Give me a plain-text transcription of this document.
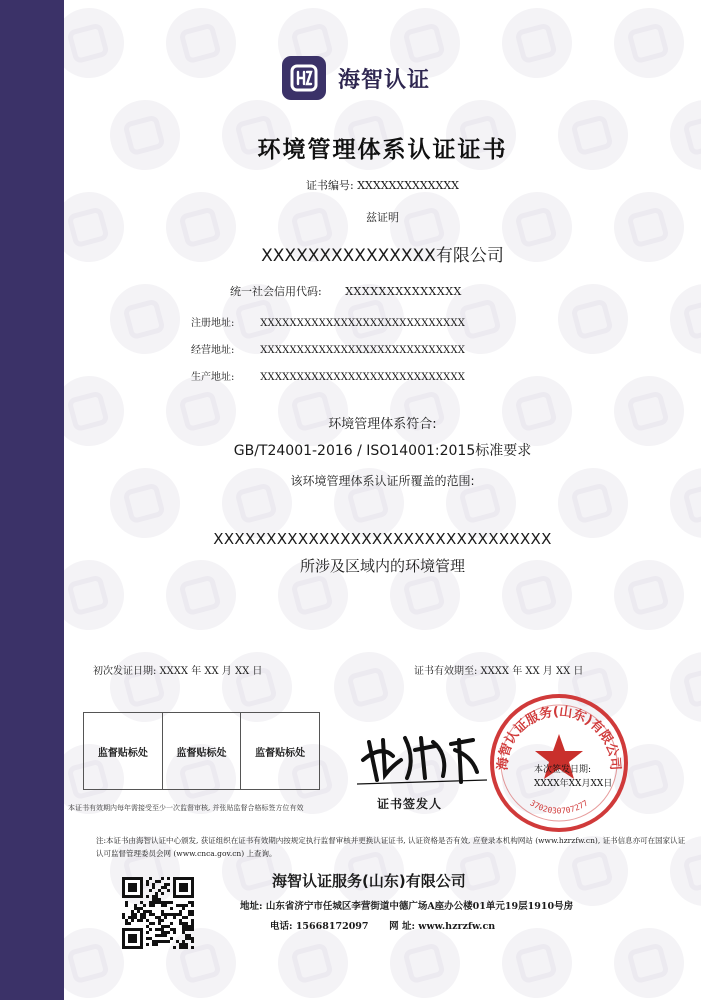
海智认证
环境管理体系认证证书
证书编号: XXXXXXXXXXXXX
兹证明
XXXXXXXXXXXXXXX有限公司
统一社会信用代码: XXXXXXXXXXXXXX
注册地址:	XXXXXXXXXXXXXXXXXXXXXXXXXXXX
经营地址:	XXXXXXXXXXXXXXXXXXXXXXXXXXXX
生产地址:	XXXXXXXXXXXXXXXXXXXXXXXXXXXX
环境管理体系符合:
GB/T24001-2016 / ISO14001:2015标准要求
该环境管理体系认证所覆盖的范围:
XXXXXXXXXXXXXXXXXXXXXXXXXXXXXXXX
所涉及区域内的环境管理
初次发证日期: XXXX 年 XX 月 XX 日	证书有效期至: XXXX 年 XX 月 XX 日
监督贴标处	监督贴标处	监督贴标处
本证书有效期内每年需接受至少一次监督审核, 并张贴监督合格标签方位有效	证书签发人
海智认证服务(山东)有限公司
3702030707277
本次签发日期:
XXXX年XX月XX日
注:本证书由海智认证中心颁发, 获证组织在证书有效期内按规定执行监督审核并更换认证证书, 认证资格是否有效, 应登录本机构网站 (www.hzrzfw.cn), 证书信息亦可在国家认证认可监督管理委员会网 (www.cnca.gov.cn) 上查询。
海智认证服务(山东)有限公司
地址: 山东省济宁市任城区李营街道中德广场A座办公楼01单元19层1910号房
电话: 15668172097 网 址: www.hzrzfw.cn
